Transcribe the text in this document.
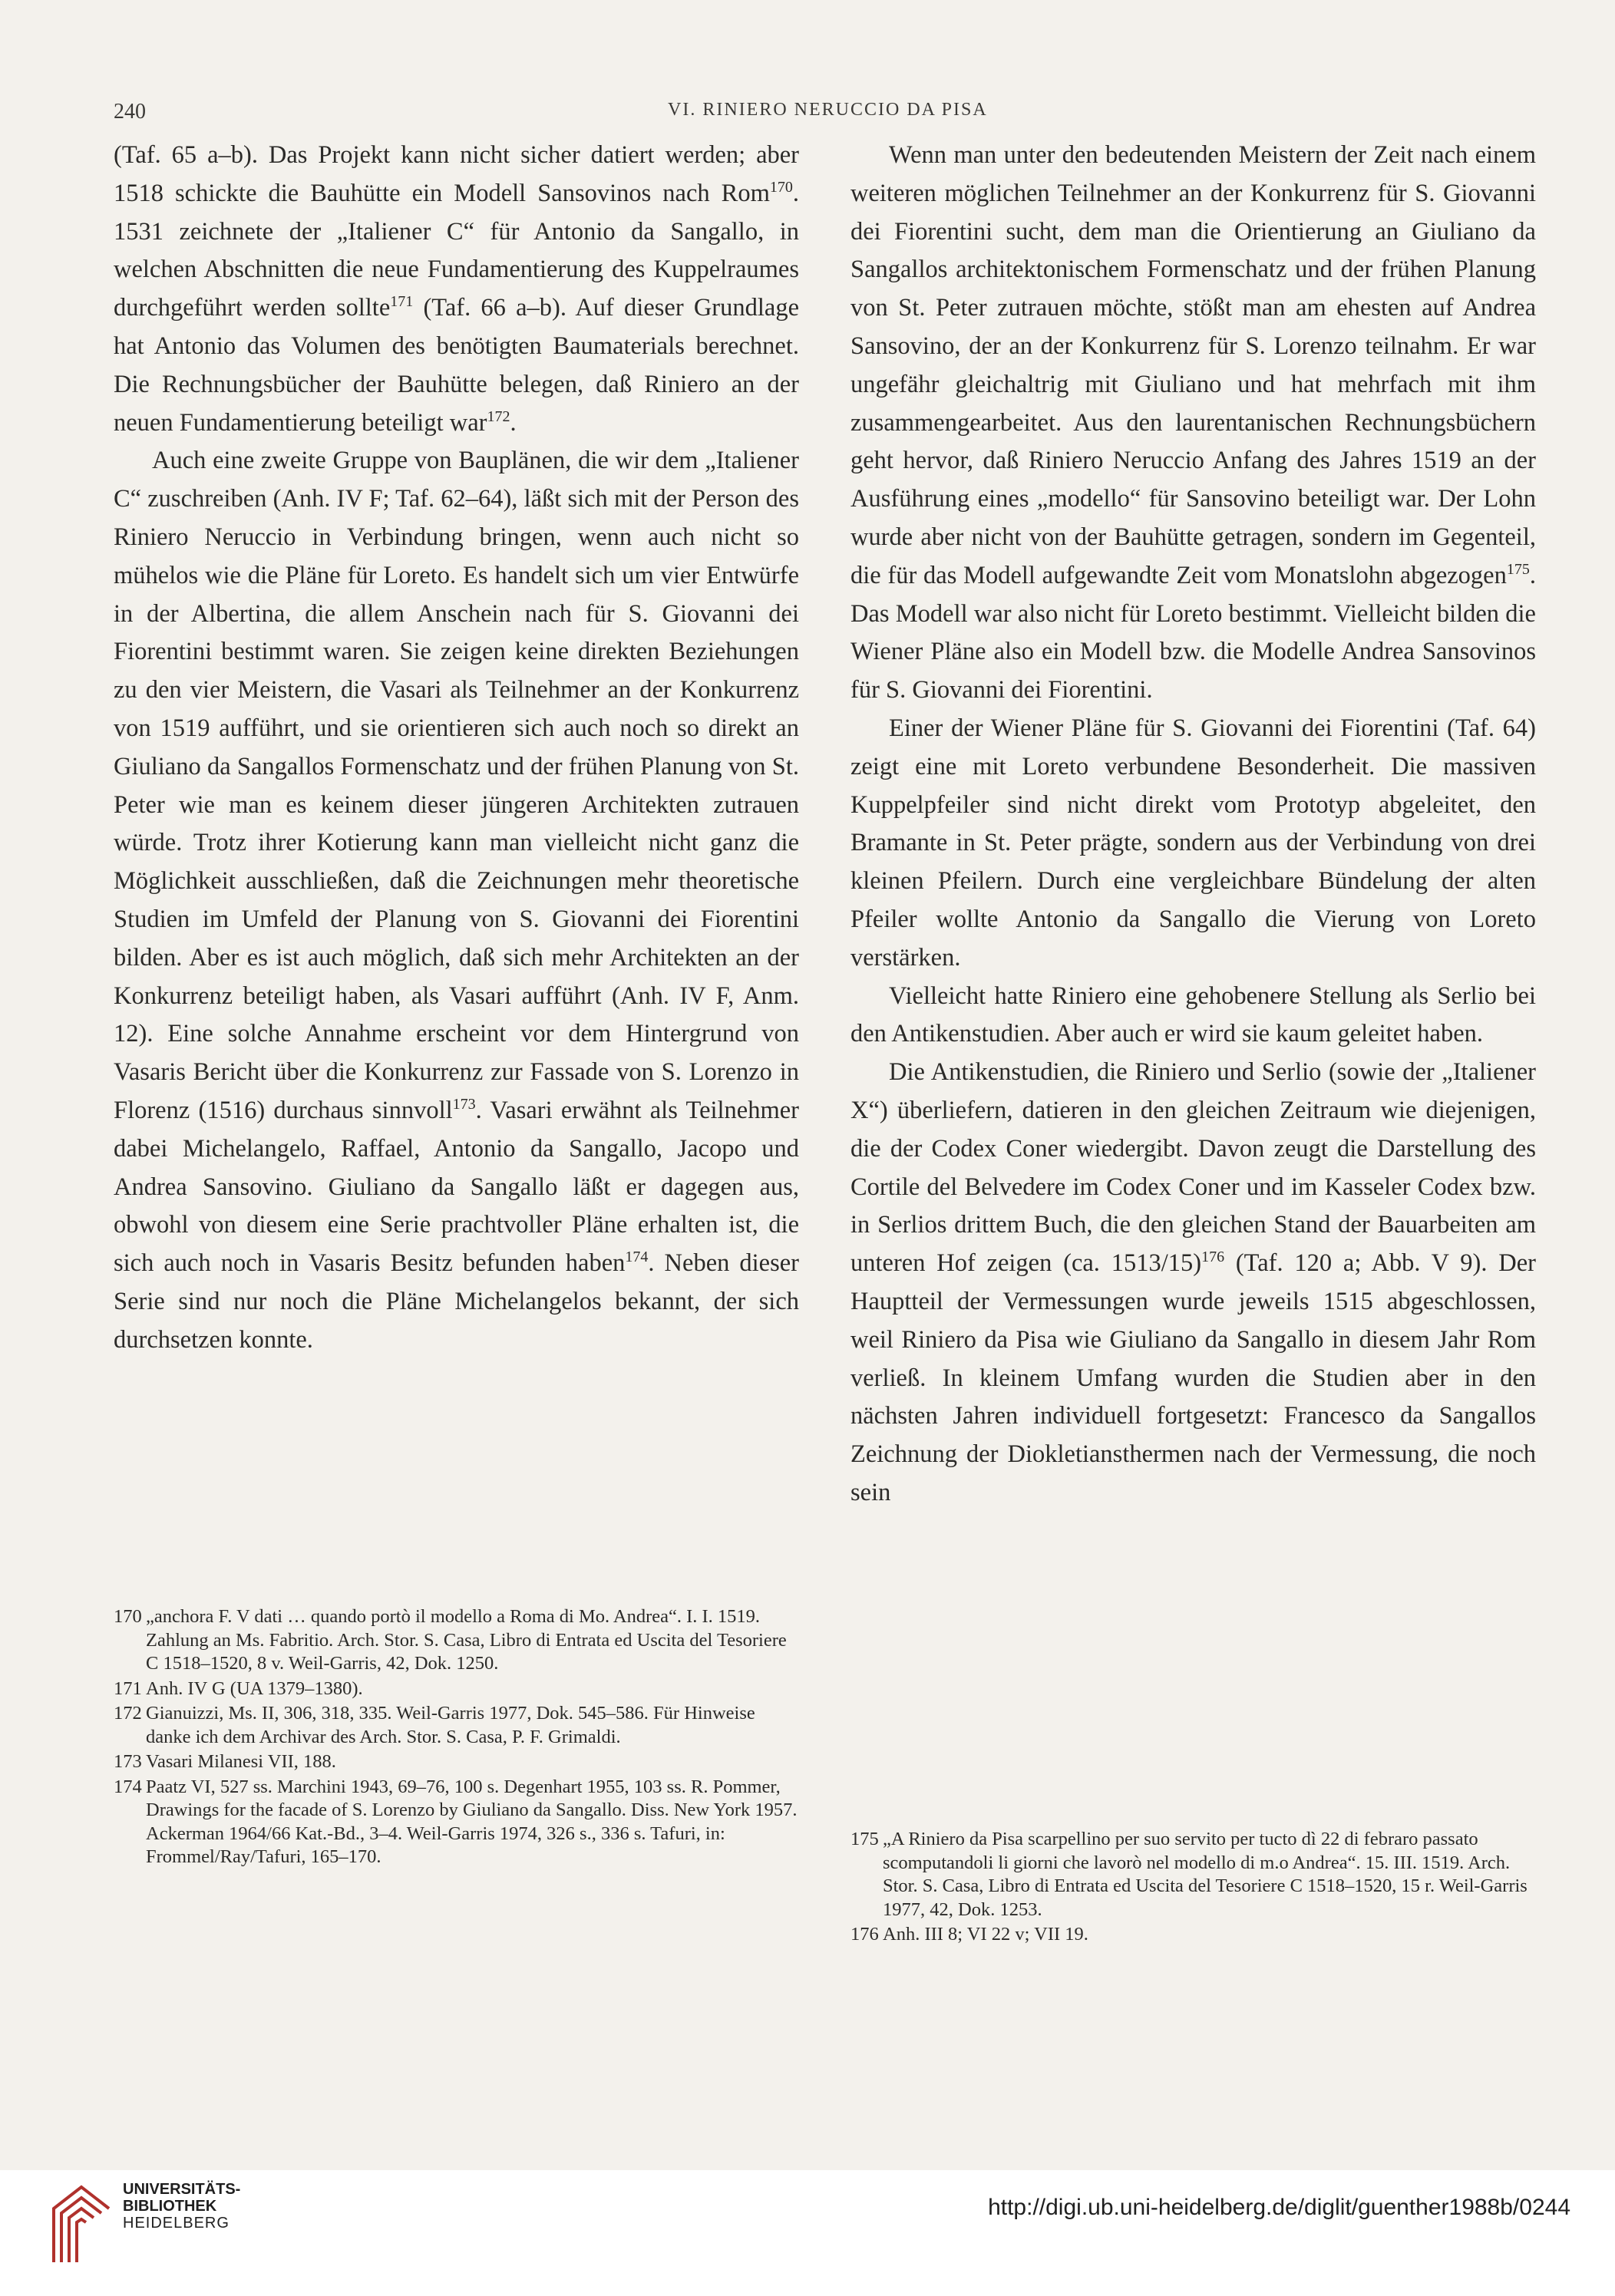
240	VI. RINIERO NERUCCIO DA PISA

(Taf. 65 a–b). Das Projekt kann nicht sicher datiert werden; aber 1518 schickte die Bauhütte ein Modell Sansovinos nach Rom$^{170}$. 1531 zeichnete der „Italiener C“ für Antonio da Sangallo, in welchen Abschnitten die neue Fundamentierung des Kuppelraumes durchgeführt werden sollte$^{171}$ (Taf. 66 a–b). Auf dieser Grundlage hat Antonio das Volumen des benötigten Baumaterials berechnet. Die Rechnungsbücher der Bauhütte belegen, daß Riniero an der neuen Fundamentierung beteiligt war$^{172}$.

Auch eine zweite Gruppe von Bauplänen, die wir dem „Italiener C“ zuschreiben (Anh. IV F; Taf. 62–64), läßt sich mit der Person des Riniero Neruccio in Verbindung bringen, wenn auch nicht so mühelos wie die Pläne für Loreto. Es handelt sich um vier Entwürfe in der Albertina, die allem Anschein nach für S. Giovanni dei Fiorentini bestimmt waren. Sie zeigen keine direkten Beziehungen zu den vier Meistern, die Vasari als Teilnehmer an der Konkurrenz von 1519 aufführt, und sie orientieren sich auch noch so direkt an Giuliano da Sangallos Formenschatz und der frühen Planung von St. Peter wie man es keinem dieser jüngeren Architekten zutrauen würde. Trotz ihrer Kotierung kann man vielleicht nicht ganz die Möglichkeit ausschließen, daß die Zeichnungen mehr theoretische Studien im Umfeld der Planung von S. Giovanni dei Fiorentini bilden. Aber es ist auch möglich, daß sich mehr Architekten an der Konkurrenz beteiligt haben, als Vasari aufführt (Anh. IV F, Anm. 12). Eine solche Annahme erscheint vor dem Hintergrund von Vasaris Bericht über die Konkurrenz zur Fassade von S. Lorenzo in Florenz (1516) durchaus sinnvoll$^{173}$. Vasari erwähnt als Teilnehmer dabei Michelangelo, Raffael, Antonio da Sangallo, Jacopo und Andrea Sansovino. Giuliano da Sangallo läßt er dagegen aus, obwohl von diesem eine Serie prachtvoller Pläne erhalten ist, die sich auch noch in Vasaris Besitz befunden haben$^{174}$. Neben dieser Serie sind nur noch die Pläne Michelangelos bekannt, der sich durchsetzen konnte.

Wenn man unter den bedeutenden Meistern der Zeit nach einem weiteren möglichen Teilnehmer an der Konkurrenz für S. Giovanni dei Fiorentini sucht, dem man die Orientierung an Giuliano da Sangallos architektonischem Formenschatz und der frühen Planung von St. Peter zutrauen möchte, stößt man am ehesten auf Andrea Sansovino, der an der Konkurrenz für S. Lorenzo teilnahm. Er war ungefähr gleichaltrig mit Giuliano und hat mehrfach mit ihm zusammengearbeitet. Aus den laurentanischen Rechnungsbüchern geht hervor, daß Riniero Neruccio Anfang des Jahres 1519 an der Ausführung eines „modello“ für Sansovino beteiligt war. Der Lohn wurde aber nicht von der Bauhütte getragen, sondern im Gegenteil, die für das Modell aufgewandte Zeit vom Monatslohn abgezogen$^{175}$. Das Modell war also nicht für Loreto bestimmt. Vielleicht bilden die Wiener Pläne also ein Modell bzw. die Modelle Andrea Sansovinos für S. Giovanni dei Fiorentini.

Einer der Wiener Pläne für S. Giovanni dei Fiorentini (Taf. 64) zeigt eine mit Loreto verbundene Besonderheit. Die massiven Kuppelpfeiler sind nicht direkt vom Prototyp abgeleitet, den Bramante in St. Peter prägte, sondern aus der Verbindung von drei kleinen Pfeilern. Durch eine vergleichbare Bündelung der alten Pfeiler wollte Antonio da Sangallo die Vierung von Loreto verstärken.

Vielleicht hatte Riniero eine gehobenere Stellung als Serlio bei den Antikenstudien. Aber auch er wird sie kaum geleitet haben.

Die Antikenstudien, die Riniero und Serlio (sowie der „Italiener X“) überliefern, datieren in den gleichen Zeitraum wie diejenigen, die der Codex Coner wiedergibt. Davon zeugt die Darstellung des Cortile del Belvedere im Codex Coner und im Kasseler Codex bzw. in Serlios drittem Buch, die den gleichen Stand der Bauarbeiten am unteren Hof zeigen (ca. 1513/15)$^{176}$ (Taf. 120 a; Abb. V 9). Der Hauptteil der Vermessungen wurde jeweils 1515 abgeschlossen, weil Riniero da Pisa wie Giuliano da Sangallo in diesem Jahr Rom verließ. In kleinem Umfang wurden die Studien aber in den nächsten Jahren individuell fortgesetzt: Francesco da Sangallos Zeichnung der Diokletiansthermen nach der Vermessung, die noch sein

170 „anchora F. V dati … quando portò il modello a Roma di Mo. Andrea“. I. I. 1519. Zahlung an Ms. Fabritio. Arch. Stor. S. Casa, Libro di Entrata ed Uscita del Tesoriere C 1518–1520, 8 v. Weil-Garris, 42, Dok. 1250.
171 Anh. IV G (UA 1379–1380).
172 Gianuizzi, Ms. II, 306, 318, 335. Weil-Garris 1977, Dok. 545–586. Für Hinweise danke ich dem Archivar des Arch. Stor. S. Casa, P. F. Grimaldi.
173 Vasari Milanesi VII, 188.
174 Paatz VI, 527 ss. Marchini 1943, 69–76, 100 s. Degenhart 1955, 103 ss. R. Pommer, Drawings for the facade of S. Lorenzo by Giuliano da Sangallo. Diss. New York 1957. Ackerman 1964/66 Kat.-Bd., 3–4. Weil-Garris 1974, 326 s., 336 s. Tafuri, in: Frommel/Ray/Tafuri, 165–170.
175 „A Riniero da Pisa scarpellino per suo servito per tucto dì 22 di febraro passato scomputandoli li giorni che lavorò nel modello di m.o Andrea“. 15. III. 1519. Arch. Stor. S. Casa, Libro di Entrata ed Uscita del Tesoriere C 1518–1520, 15 r. Weil-Garris 1977, 42, Dok. 1253.
176 Anh. III 8; VI 22 v; VII 19.
UNIVERSITÄTS-
BIBLIOTHEK
HEIDELBERG
http://digi.ub.uni-heidelberg.de/diglit/guenther1988b/0244
